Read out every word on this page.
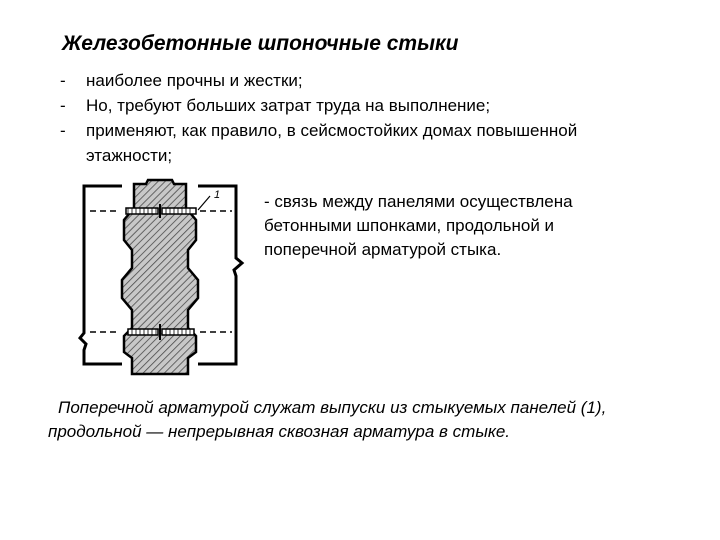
Железобетонные шпоночные стыки
-	наиболее прочны и жестки;
-	Но, требуют больших затрат труда на выполнение;
-	применяют, как правило, в сейсмостойких домах повышенной этажности;
1	- связь между панелями осуществлена бетонными шпонками, продольной и поперечной арматурой стыка.
Поперечной арматурой служат выпуски из стыкуемых панелей (1), продольной — непрерывная сквозная арматура в стыке.
